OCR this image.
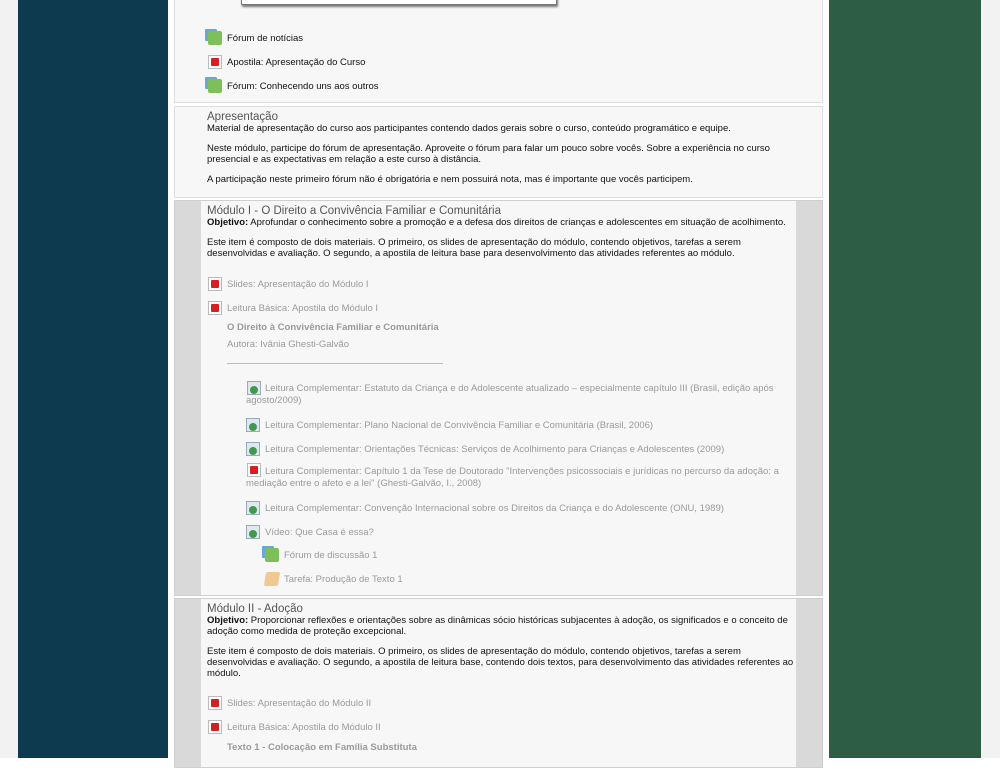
Fórum de notícias
Apostila: Apresentação do Curso
Fórum: Conhecendo uns aos outros
Apresentação
Material de apresentação do curso aos participantes contendo dados gerais sobre o curso, conteúdo programático e equipe.
Neste módulo, participe do fórum de apresentação. Aproveite o fórum para falar um pouco sobre vocês. Sobre a experiência no curso presencial e as expectativas em relação a este curso à distância.
A participação neste primeiro fórum não é obrigatória e nem possuirá nota, mas é importante que vocês participem.
Módulo I - O Direito a Convivência Familiar e Comunitária
Objetivo: Aprofundar o conhecimento sobre a promoção e a defesa dos direitos de crianças e adolescentes em situação de acolhimento.
Este item é composto de dois materiais. O primeiro, os slides de apresentação do módulo, contendo objetivos, tarefas a serem desenvolvidas e avaliação. O segundo, a apostila de leitura base para desenvolvimento das atividades referentes ao módulo.
Slides: Apresentação do Módulo I
Leitura Básica: Apostila do Módulo I
O Direito à Convivência Familiar e Comunitária
Autora: Ivânia Ghesti-Galvão
Leitura Complementar: Estatuto da Criança e do Adolescente atualizado – especialmente capítulo III (Brasil, edição após agosto/2009)
Leitura Complementar: Plano Nacional de Convivência Familiar e Comunitária (Brasil, 2006)
Leitura Complementar: Orientações Técnicas: Serviços de Acolhimento para Crianças e Adolescentes (2009)
Leitura Complementar: Capítulo 1 da Tese de Doutorado "Intervenções psicossociais e jurídicas no percurso da adoção: a mediação entre o afeto e a lei" (Ghesti-Galvão, I., 2008)
Leitura Complementar: Convenção Internacional sobre os Direitos da Criança e do Adolescente (ONU, 1989)
Vídeo: Que Casa é essa?
Fórum de discussão 1
Tarefa: Produção de Texto 1
Módulo II - Adoção
Objetivo: Proporcionar reflexões e orientações sobre as dinâmicas sócio históricas subjacentes à adoção, os significados e o conceito de adoção como medida de proteção excepcional.
Este item é composto de dois materiais. O primeiro, os slides de apresentação do módulo, contendo objetivos, tarefas a serem desenvolvidas e avaliação. O segundo, a apostila de leitura base, contendo dois textos, para desenvolvimento das atividades referentes ao módulo.
Slides: Apresentação do Módulo II
Leitura Básica: Apostila do Módulo II
Texto 1 - Colocação em Família Substituta
